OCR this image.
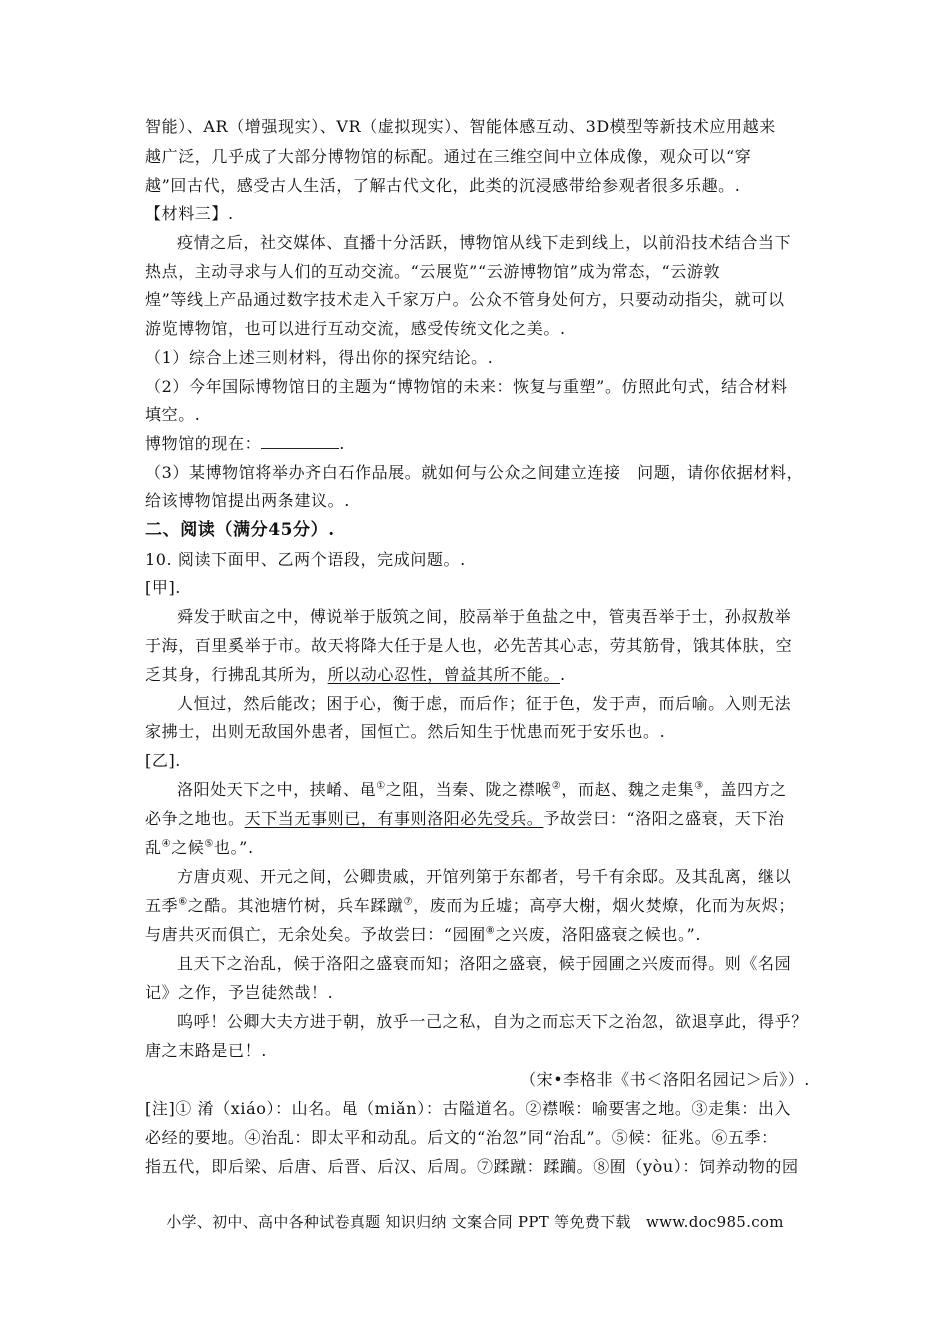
智能）、AR（增强现实）、VR（虚拟现实）、智能体感互动、3D模型等新技术应用越来
越广泛，几乎成了大部分博物馆的标配。通过在三维空间中立体成像，观众可以“穿
越”回古代，感受古人生活，了解古代文化，此类的沉浸感带给参观者很多乐趣。.
【材料三】.
疫情之后，社交媒体、直播十分活跃，博物馆从线下走到线上，以前沿技术结合当下
热点，主动寻求与人们的互动交流。“云展览”“云游博物馆”成为常态，“云游敦
煌”等线上产品通过数字技术走入千家万户。公众不管身处何方，只要动动指尖，就可以
游览博物馆，也可以进行互动交流，感受传统文化之美。.
（1）综合上述三则材料，得出你的探究结论。.
（2）今年国际博物馆日的主题为“博物馆的未来：恢复与重塑”。仿照此句式，结合材料
填空。.
博物馆的现在：	.
（3）某博物馆将举办齐白石作品展。就如何与公众之间建立连接　问题，请你依据材料，
给该博物馆提出两条建议。.
二、阅读（满分45分）.
10. 阅读下面甲、乙两个语段，完成问题。.
[甲].
舜发于畎亩之中，傅说举于版筑之间，胶鬲举于鱼盐之中，管夷吾举于士，孙叔敖举
于海，百里奚举于市。故天将降大任于是人也，必先苦其心志，劳其筋骨，饿其体肤，空
乏其身，行拂乱其所为，所以动心忍性，曾益其所不能。.
人恒过，然后能改；困于心，衡于虑，而后作；征于色，发于声，而后喻。入则无法
家拂士，出则无敌国外患者，国恒亡。然后知生于忧患而死于安乐也。.
[乙].
洛阳处天下之中，挟崤、黾①之阻，当秦、陇之襟喉②，而赵、魏之走集③，盖四方之
必争之地也。天下当无事则已，有事则洛阳必先受兵。予故尝曰：“洛阳之盛衰，天下治
乱④之候⑤也。”.
方唐贞观、开元之间，公卿贵戚，开馆列第于东都者，号千有余邸。及其乱离，继以
五季⑥之酷。其池塘竹树，兵车蹂蹴⑦，废而为丘墟；高亭大榭，烟火焚燎，化而为灰烬；
与唐共灭而俱亡，无余处矣。予故尝曰：“园囿⑧之兴废，洛阳盛衰之候也。”.
且天下之治乱，候于洛阳之盛衰而知；洛阳之盛衰，候于园圃之兴废而得。则《名园
记》之作，予岂徒然哉！.
呜呼！公卿大夫方进于朝，放乎一己之私，自为之而忘天下之治忽，欲退享此，得乎？
唐之末路是已！.
（宋•李格非《书＜洛阳名园记＞后》）.
[注]① 淆（xiáo）：山名。黾（miǎn）：古隘道名。②襟喉：喻要害之地。③走集：出入
必经的要地。④治乱：即太平和动乱。后文的“治忽”同“治乱”。⑤候：征兆。⑥五季：
指五代，即后梁、后唐、后晋、后汉、后周。⑦蹂蹴：蹂躏。⑧囿（yòu）：饲养动物的园
小学、初中、高中各种试卷真题 知识归纳 文案合同 PPT 等免费下载　www.doc985.com
